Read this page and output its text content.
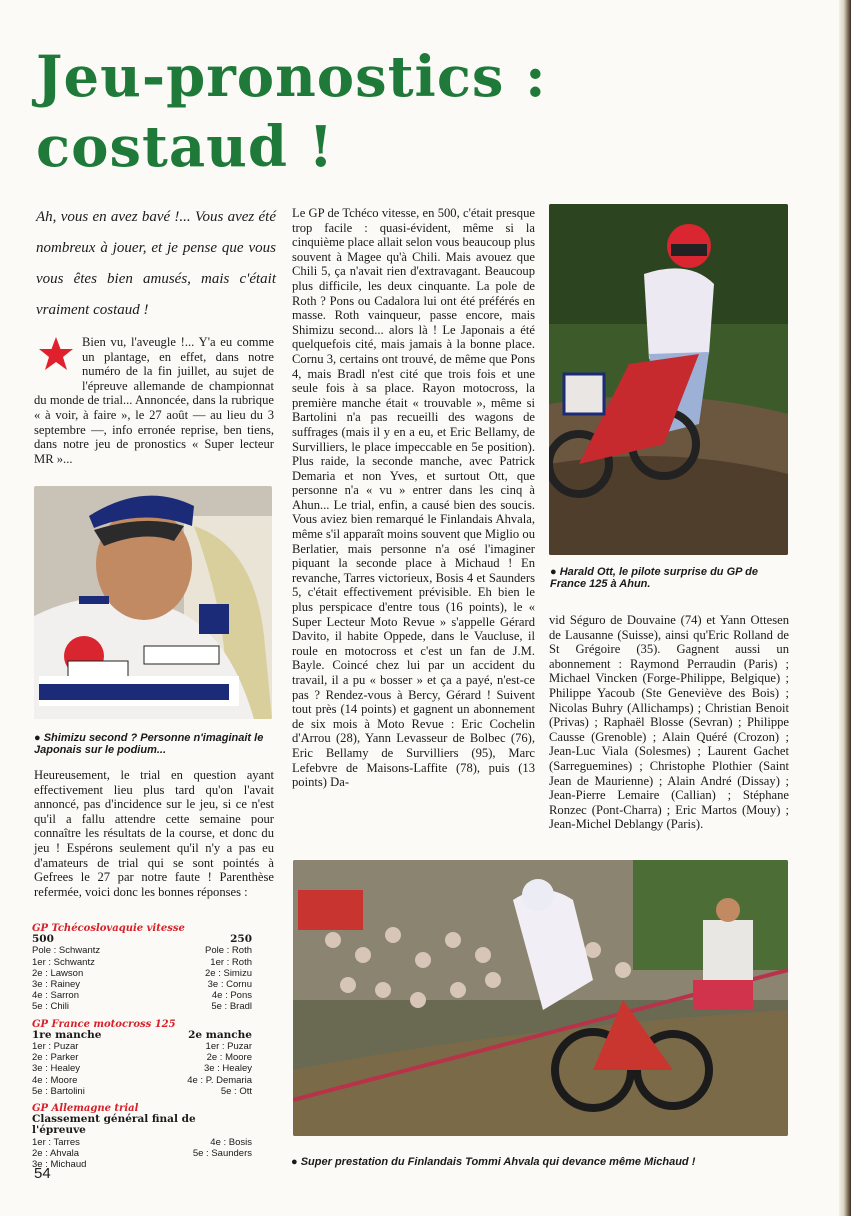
Jeu-pronostics :
costaud !

Ah, vous en avez bavé !... Vous avez été nombreux à jouer, et je pense que vous vous êtes bien amusés, mais c'était vraiment costaud !

Bien vu, l'aveugle !... Y'a eu comme un plantage, en effet, dans notre numéro de la fin juillet, au sujet de l'épreuve allemande de championnat du monde de trial... Annoncée, dans la rubrique « à voir, à faire », le 27 août — au lieu du 3 septembre —, info erronée reprise, ben tiens, dans notre jeu de pronostics « Super lecteur MR »...
● Shimizu second ? Personne n'imaginait le Japonais sur le podium...

Heureusement, le trial en question ayant effectivement lieu plus tard qu'on l'avait annoncé, pas d'incidence sur le jeu, si ce n'est qu'il a fallu attendre cette semaine pour connaître les résultats de la course, et donc du jeu ! Espérons seulement qu'il n'y a pas eu d'amateurs de trial qui se sont pointés à Gefrees le 27 par notre faute ! Parenthèse refermée, voici donc les bonnes réponses :

GP Tchécoslovaquie vitesse
500
Pole : Schwantz
1er : Schwantz
2e : Lawson
3e : Rainey
4e : Sarron
5e : Chili
250
Pole : Roth
1er : Roth
2e : Simizu
3e : Cornu
4e : Pons
5e : Bradl
GP France motocross 125
1re manche
1er : Puzar
2e : Parker
3e : Healey
4e : Moore
5e : Bartolini
2e manche
1er : Puzar
2e : Moore
3e : Healey
4e : P. Demaria
5e : Ott
GP Allemagne trial
Classement général final de l'épreuve
1er : Tarres
2e : Ahvala
3e : Michaud
4e : Bosis
5e : Saunders
54

Le GP de Tchéco vitesse, en 500, c'était presque trop facile : quasi-évident, même si la cinquième place allait selon vous beaucoup plus souvent à Magee qu'à Chili. Mais avouez que Chili 5, ça n'avait rien d'extravagant. Beaucoup plus difficile, les deux cinquante. La pole de Roth ? Pons ou Cadalora lui ont été préférés en masse. Roth vainqueur, passe encore, mais Shimizu second... alors là ! Le Japonais a été quelquefois cité, mais jamais à la bonne place. Cornu 3, certains ont trouvé, de même que Pons 4, mais Bradl n'est cité que trois fois et une seule fois à sa place. Rayon motocross, la première manche était « trouvable », même si Bartolini n'a pas recueilli des wagons de suffrages (mais il y en a eu, et Eric Bellamy, de Survilliers, le place impeccable en 5e position). Plus raide, la seconde manche, avec Patrick Demaria et non Yves, et surtout Ott, que personne n'a « vu » entrer dans les cinq à Ahun... Le trial, enfin, a causé bien des soucis. Vous aviez bien remarqué le Finlandais Ahvala, même s'il apparaît moins souvent que Miglio ou Berlatier, mais personne n'a osé l'imaginer piquant la seconde place à Michaud ! En revanche, Tarres victorieux, Bosis 4 et Saunders 5, c'était effectivement prévisible. Eh bien le plus perspicace d'entre tous (16 points), le « Super Lecteur Moto Revue » s'appelle Gérard Davito, il habite Oppede, dans le Vaucluse, il roule en motocross et c'est un fan de J.M. Bayle. Coincé chez lui par un accident du travail, il a pu « bosser » et ça a payé, n'est-ce pas ? Rendez-vous à Bercy, Gérard ! Suivent tout près (14 points) et gagnent un abonnement de six mois à Moto Revue : Eric Cochelin d'Arrou (28), Yann Levasseur de Bolbec (76), Eric Bellamy de Survilliers (95), Marc Lefebvre de Maisons-Laffite (78), puis (13 points) Da-

● Harald Ott, le pilote surprise du GP de France 125 à Ahun.

vid Séguro de Douvaine (74) et Yann Ottesen de Lausanne (Suisse), ainsi qu'Eric Rolland de St Grégoire (35). Gagnent aussi un abonnement : Raymond Perraudin (Paris) ; Michael Vincken (Forge-Philippe, Belgique) ; Philippe Yacoub (Ste Geneviève des Bois) ; Nicolas Buhry (Allichamps) ; Christian Benoit (Privas) ; Raphaël Blosse (Sevran) ; Philippe Causse (Grenoble) ; Alain Quéré (Crozon) ; Jean-Luc Viala (Solesmes) ; Laurent Gachet (Sarreguemines) ; Christophe Plothier (Saint Jean de Maurienne) ; Alain André (Dissay) ; Jean-Pierre Lemaire (Callian) ; Stéphane Ronzec (Pont-Charra) ; Eric Martos (Mouy) ; Jean-Michel Deblangy (Paris).

● Super prestation du Finlandais Tommi Ahvala qui devance même Michaud !
